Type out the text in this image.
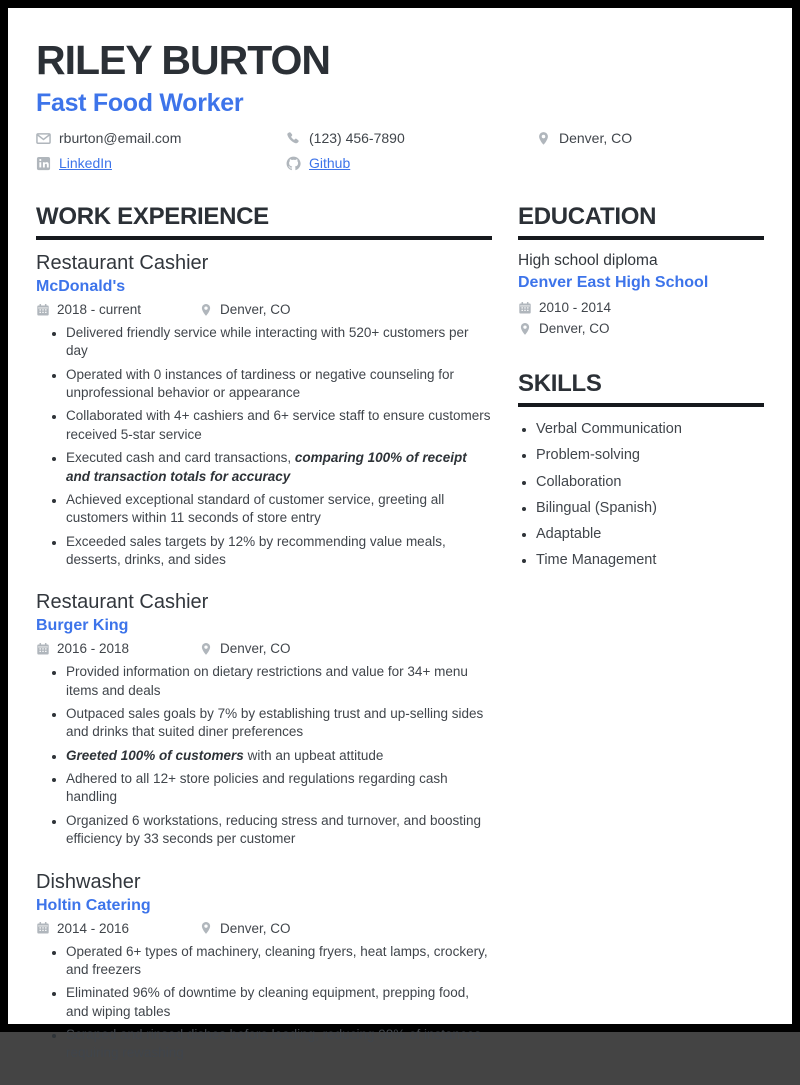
RILEY BURTON
Fast Food Worker
rburton@email.com	(123) 456-7890	Denver, CO
LinkedIn	Github
WORK EXPERIENCE
Restaurant Cashier
McDonald's
2018 - current	Denver, CO
• Delivered friendly service while interacting with 520+ customers per day
• Operated with 0 instances of tardiness or negative counseling for unprofessional behavior or appearance
• Collaborated with 4+ cashiers and 6+ service staff to ensure customers received 5-star service
• Executed cash and card transactions, comparing 100% of receipt and transaction totals for accuracy
• Achieved exceptional standard of customer service, greeting all customers within 11 seconds of store entry
• Exceeded sales targets by 12% by recommending value meals, desserts, drinks, and sides
Restaurant Cashier
Burger King
2016 - 2018	Denver, CO
• Provided information on dietary restrictions and value for 34+ menu items and deals
• Outpaced sales goals by 7% by establishing trust and up-selling sides and drinks that suited diner preferences
• Greeted 100% of customers with an upbeat attitude
• Adhered to all 12+ store policies and regulations regarding cash handling
• Organized 6 workstations, reducing stress and turnover, and boosting efficiency by 33 seconds per customer
Dishwasher
Holtin Catering
2014 - 2016	Denver, CO
• Operated 6+ types of machinery, cleaning fryers, heat lamps, crockery, and freezers
• Eliminated 96% of downtime by cleaning equipment, prepping food, and wiping tables
• Scraped and rinsed dishes before loading, reducing 98% of instances requiring rewashing
EDUCATION
High school diploma
Denver East High School
2010 - 2014
Denver, CO
SKILLS
• Verbal Communication
• Problem-solving
• Collaboration
• Bilingual (Spanish)
• Adaptable
• Time Management
